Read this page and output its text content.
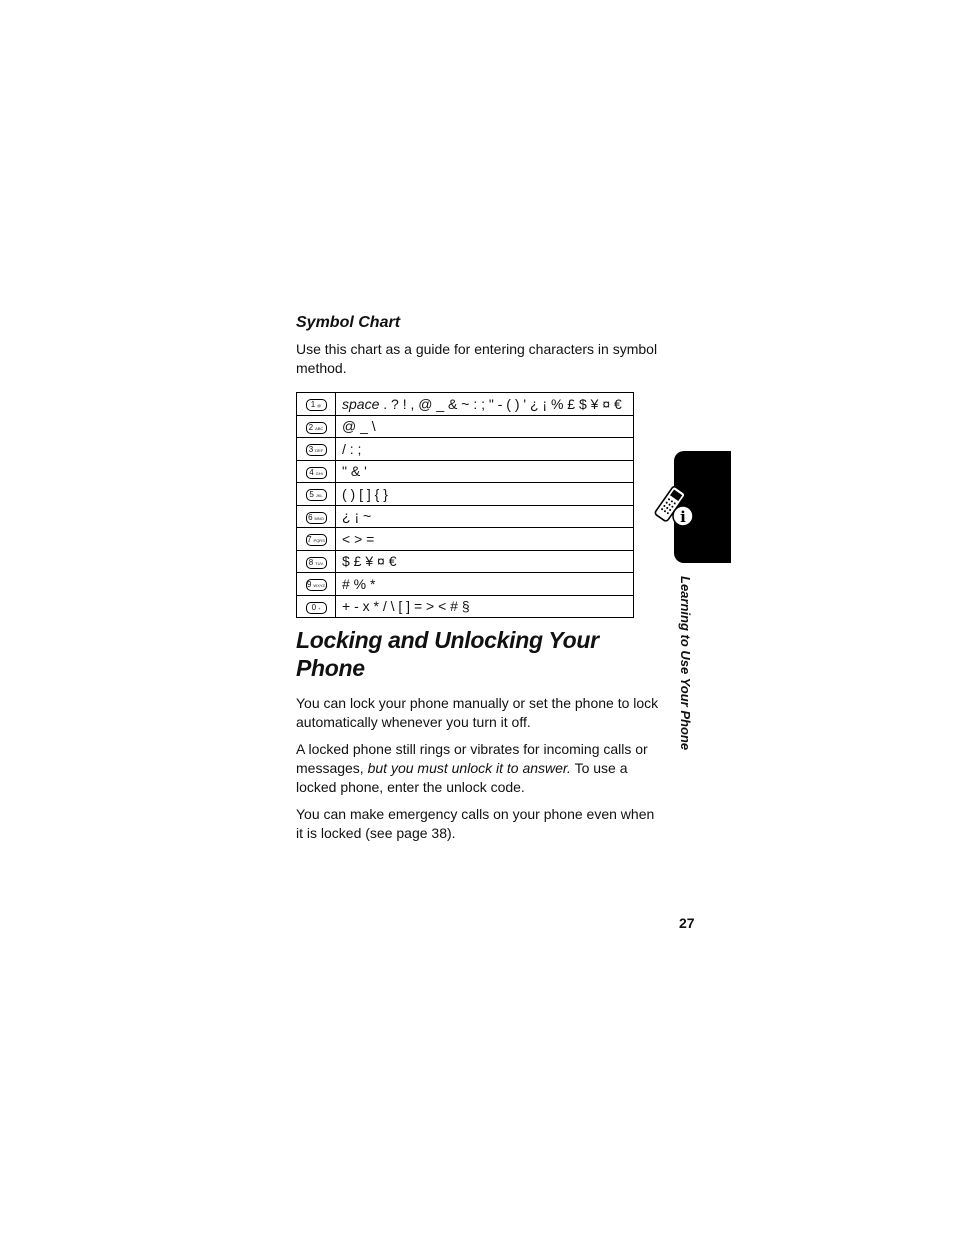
Symbol Chart

Use this chart as a guide for entering characters in symbol method.

1 @	space . ? ! , @ _ & ~ : ; " - ( ) ' ¿ ¡ % £ $ ¥ ¤ €
2 ABC	@ _ \
3 DEF	/ : ;
4 GHI	" & '
5 JKL	( ) [ ] { }
6 MNO	¿ ¡ ~
7 PQRS	< > =
8 TUV	$ £ ¥ ¤ €
9 WXYZ	# % *
0 +	+ - x * / \ [ ] = > < # §
Locking and Unlocking Your Phone

You can lock your phone manually or set the phone to lock automatically whenever you turn it off.

A locked phone still rings or vibrates for incoming calls or messages, but you must unlock it to answer. To use a locked phone, enter the unlock code.

You can make emergency calls on your phone even when it is locked (see page 38).

i
Learning to Use Your Phone
27
